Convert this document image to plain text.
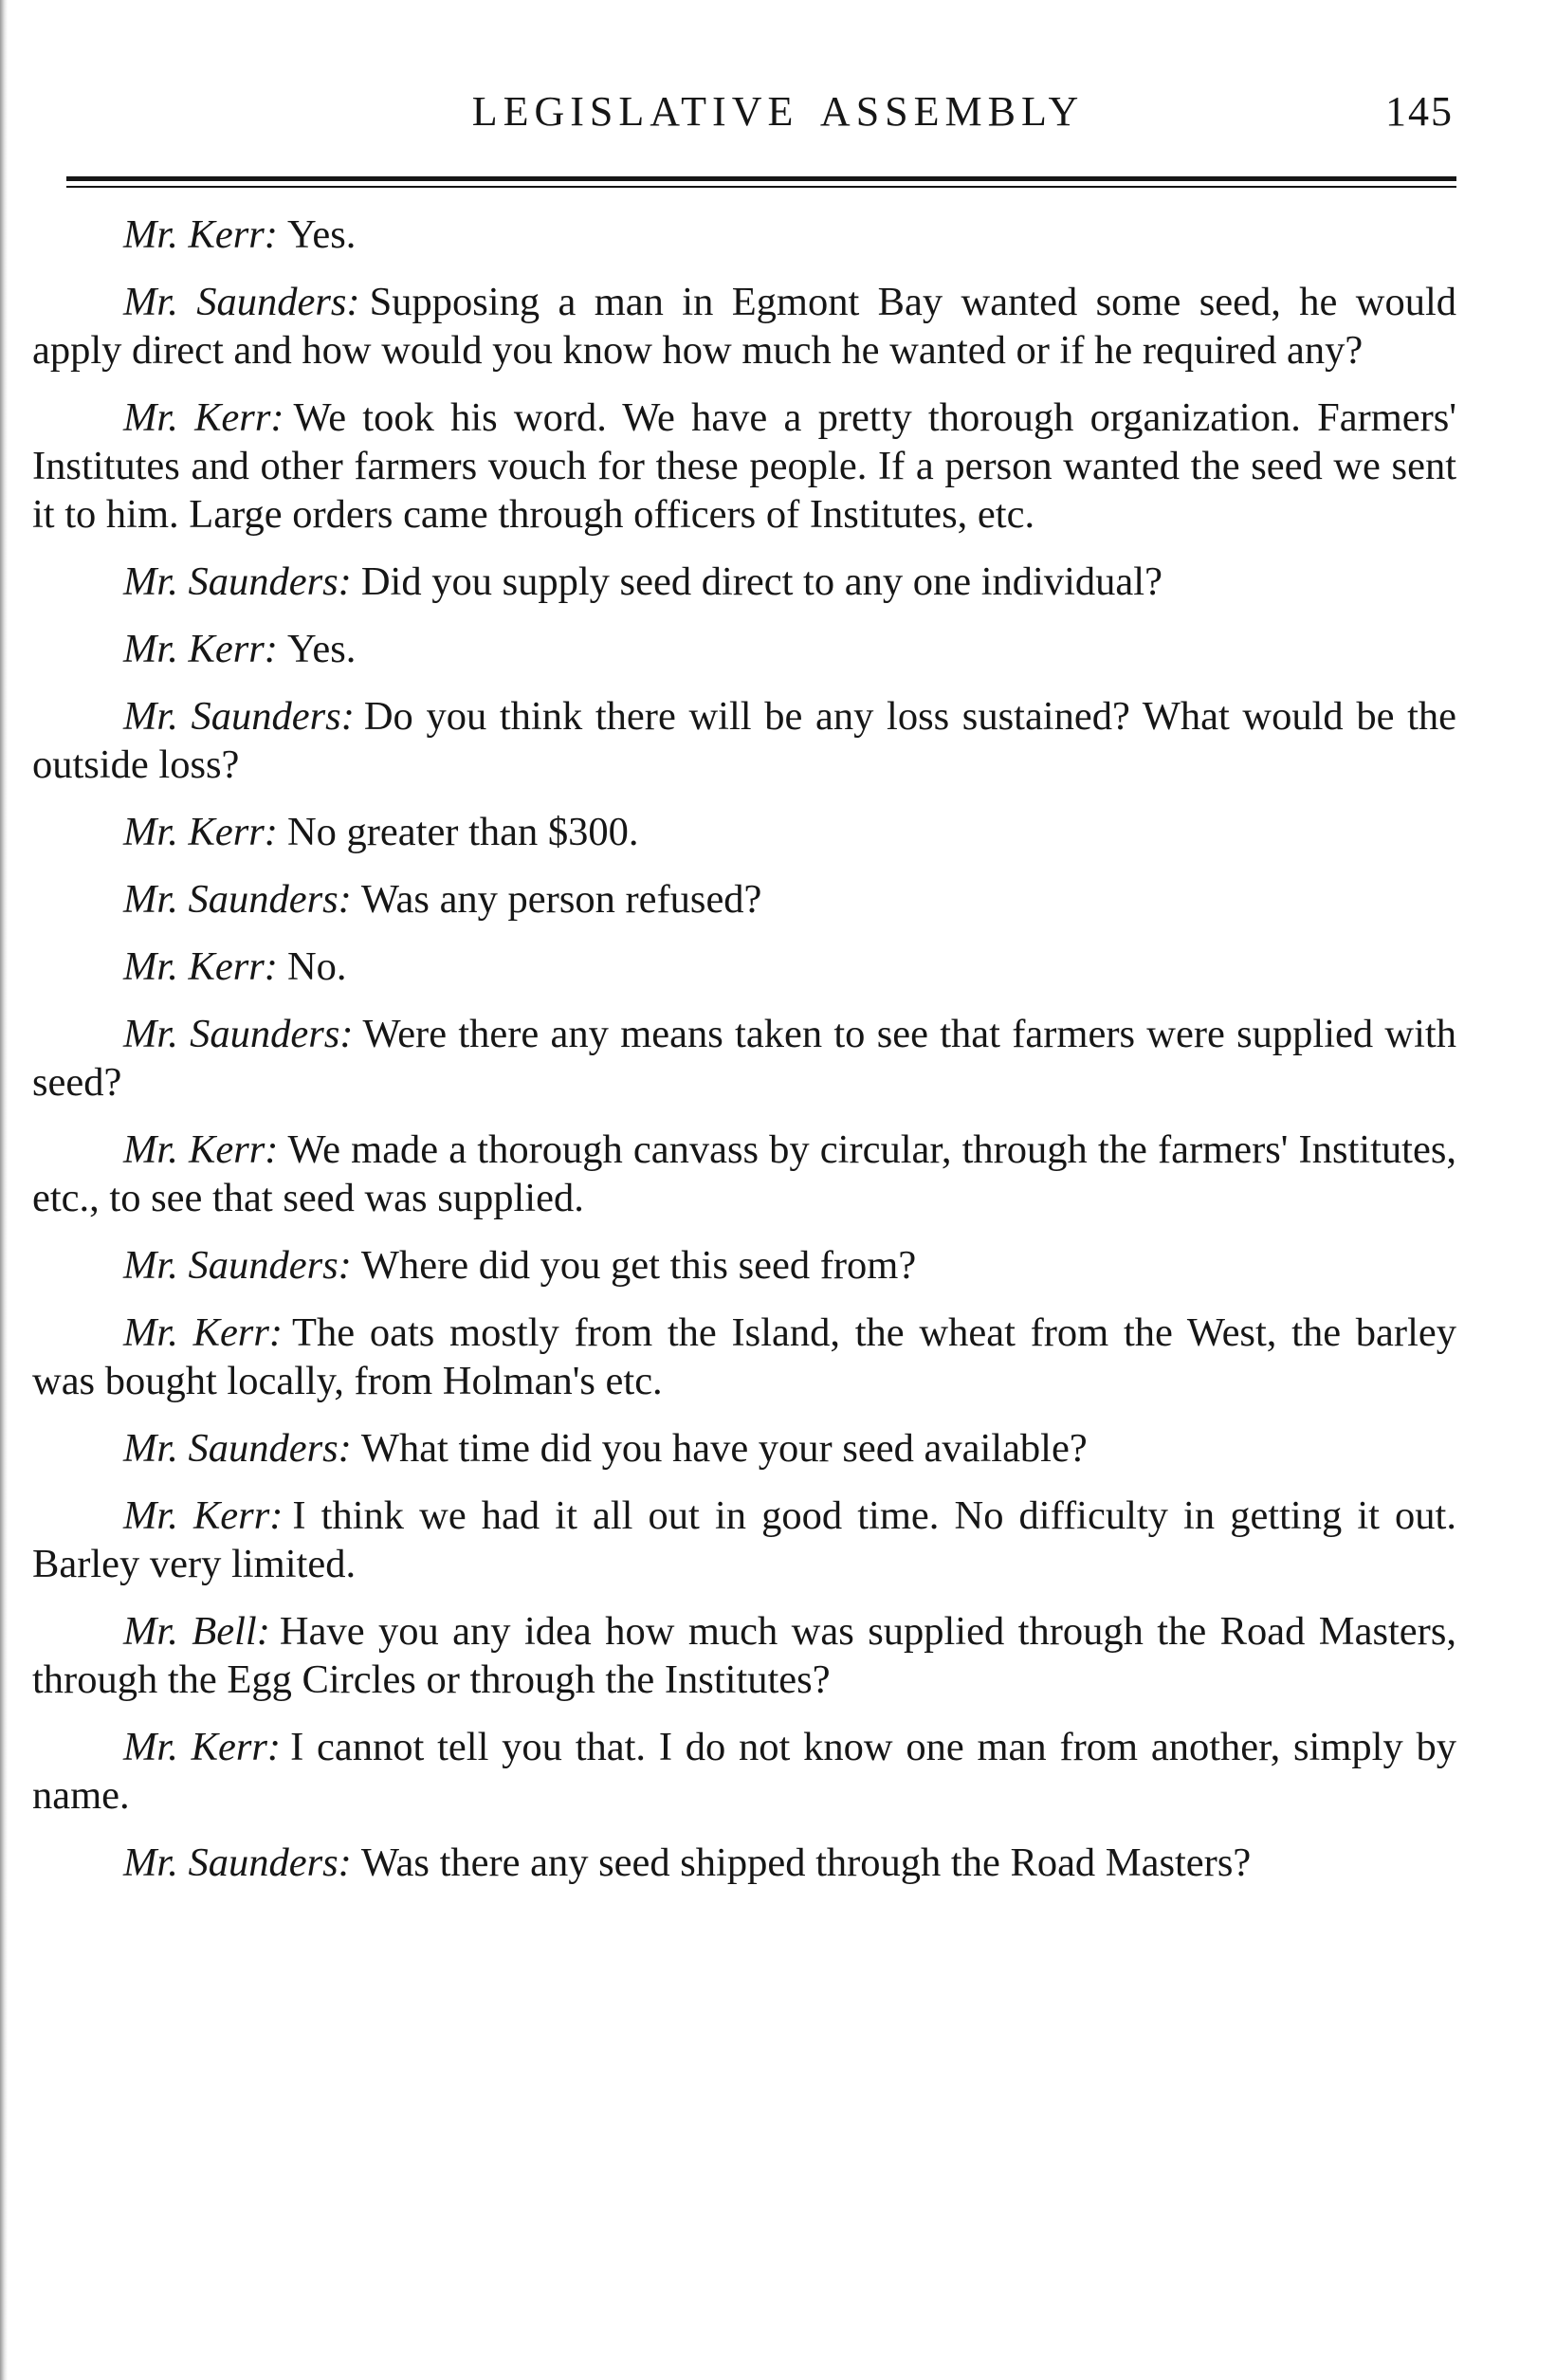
LEGISLATIVE ASSEMBLY	145

Mr. Kerr: Yes.

Mr. Saunders: Supposing a man in Egmont Bay wanted some seed, he would apply direct and how would you know how much he wanted or if he required any?

Mr. Kerr: We took his word. We have a pretty thorough organization. Farmers' Institutes and other farmers vouch for these people. If a person wanted the seed we sent it to him. Large orders came through officers of Institutes, etc.

Mr. Saunders: Did you supply seed direct to any one individual?

Mr. Kerr: Yes.

Mr. Saunders: Do you think there will be any loss sustained? What would be the outside loss?

Mr. Kerr: No greater than $300.

Mr. Saunders: Was any person refused?

Mr. Kerr: No.

Mr. Saunders: Were there any means taken to see that farmers were supplied with seed?

Mr. Kerr: We made a thorough canvass by circular, through the farmers' Institutes, etc., to see that seed was supplied.

Mr. Saunders: Where did you get this seed from?

Mr. Kerr: The oats mostly from the Island, the wheat from the West, the barley was bought locally, from Holman's etc.

Mr. Saunders: What time did you have your seed available?

Mr. Kerr: I think we had it all out in good time. No difficulty in getting it out. Barley very limited.

Mr. Bell: Have you any idea how much was supplied through the Road Masters, through the Egg Circles or through the Institutes?

Mr. Kerr: I cannot tell you that. I do not know one man from another, simply by name.

Mr. Saunders: Was there any seed shipped through the Road Masters?
